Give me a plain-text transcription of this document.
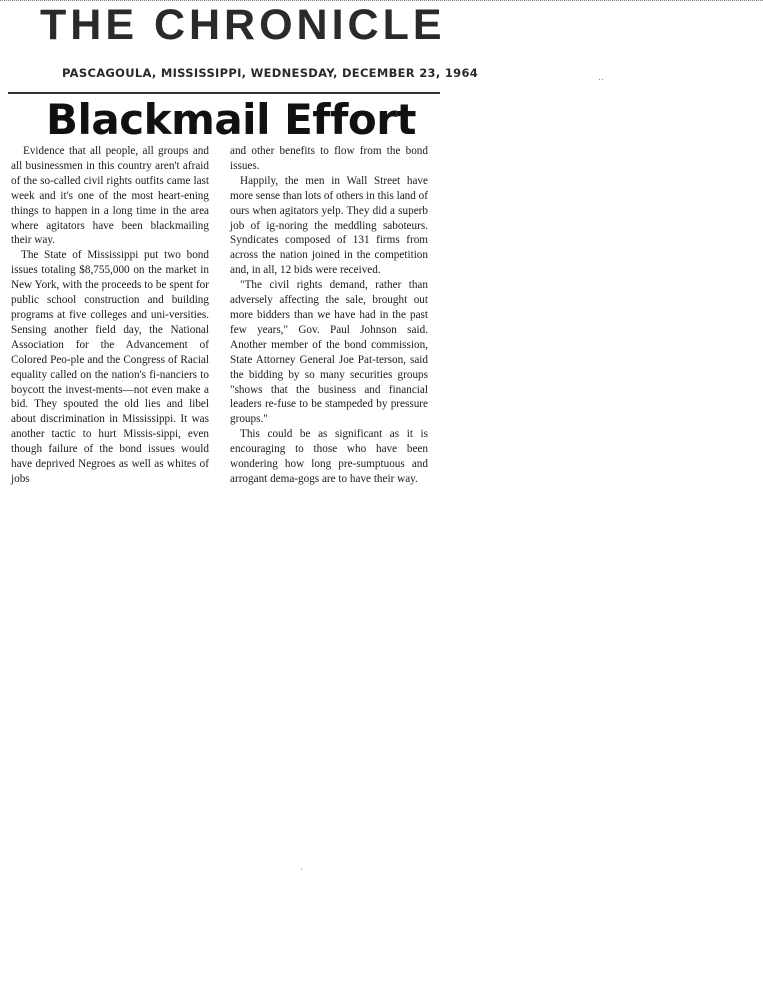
THE CHRONICLE
PASCAGOULA, MISSISSIPPI, WEDNESDAY, DECEMBER 23, 1964
Blackmail Effort

Evidence that all people, all groups and all businessmen in this country aren't afraid of the so-called civil rights outfits came last week and it's one of the most heart-ening things to happen in a long time in the area where agitators have been blackmailing their way.

The State of Mississippi put two bond issues totaling $8,755,000 on the market in New York, with the proceeds to be spent for public school construction and building programs at five colleges and uni-versities. Sensing another field day, the National Association for the Advancement of Colored Peo-ple and the Congress of Racial equality called on the nation's fi-nanciers to boycott the invest-ments—not even make a bid. They spouted the old lies and libel about discrimination in Mississippi. It was another tactic to hurt Missis-sippi, even though failure of the bond issues would have deprived Negroes as well as whites of jobs

and other benefits to flow from the bond issues.

Happily, the men in Wall Street have more sense than lots of others in this land of ours when agitators yelp. They did a superb job of ig-noring the meddling saboteurs. Syndicates composed of 131 firms from across the nation joined in the competition and, in all, 12 bids were received.

"The civil rights demand, rather than adversely affecting the sale, brought out more bidders than we have had in the past few years," Gov. Paul Johnson said. Another member of the bond commission, State Attorney General Joe Pat-terson, said the bidding by so many securities groups "shows that the business and financial leaders re-fuse to be stampeded by pressure groups."

This could be as significant as it is encouraging to those who have been wondering how long pre-sumptuous and arrogant dema-gogs are to have their way.

․․
